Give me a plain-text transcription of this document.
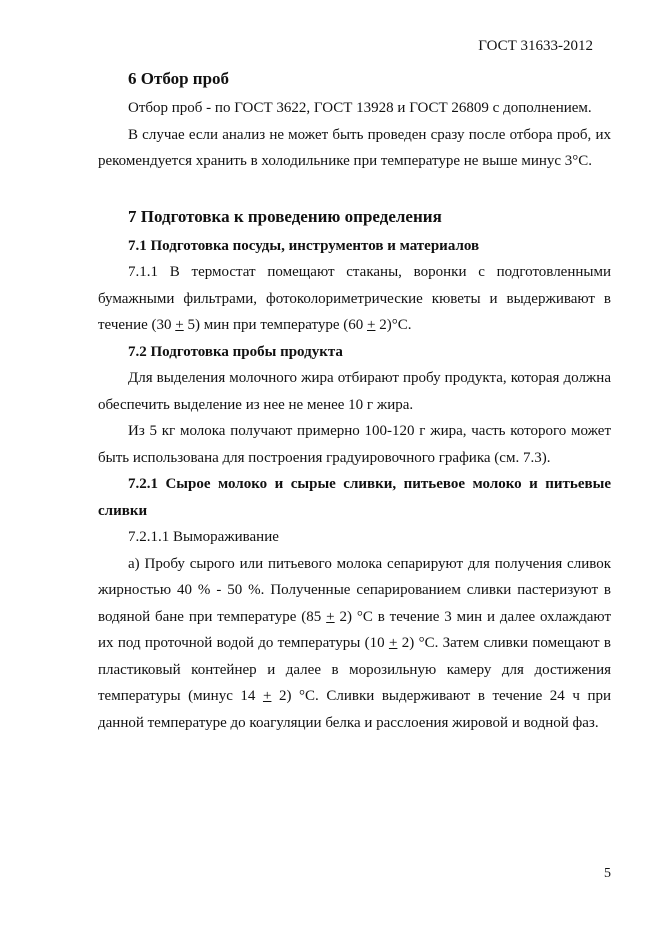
ГОСТ 31633-2012
6 Отбор проб

Отбор проб - по ГОСТ 3622, ГОСТ 13928 и ГОСТ 26809 с дополнением.

В случае если анализ не может быть проведен сразу после отбора проб, их рекомендуется хранить в холодильнике при температуре не выше минус 3°С.

7 Подготовка к проведению определения

7.1 Подготовка посуды, инструментов и материалов

7.1.1 В термостат помещают стаканы, воронки с подготовленными бумажными фильтрами, фотоколориметрические кюветы и выдерживают в течение (30 + 5) мин при температуре (60 + 2)°С.

7.2 Подготовка пробы продукта

Для выделения молочного жира отбирают пробу продукта, которая должна обеспечить выделение из нее не менее 10 г жира.

Из 5 кг молока получают примерно 100-120 г жира, часть которого может быть использована для построения градуировочного графика (см. 7.3).

7.2.1 Сырое молоко и сырые сливки, питьевое молоко и питьевые сливки

7.2.1.1 Вымораживание

а) Пробу сырого или питьевого молока сепарируют для получения сливок жирностью 40 % - 50 %. Полученные сепарированием сливки пастеризуют в водяной бане при температуре (85 + 2) °С в течение 3 мин и далее охлаждают их под проточной водой до температуры (10 + 2) °С. Затем сливки помещают в пластиковый контейнер и далее в морозильную камеру для достижения температуры (минус 14 + 2) °С. Сливки выдерживают в течение 24 ч при данной температуре до коагуляции белка и расслоения жировой и водной фаз.

5
